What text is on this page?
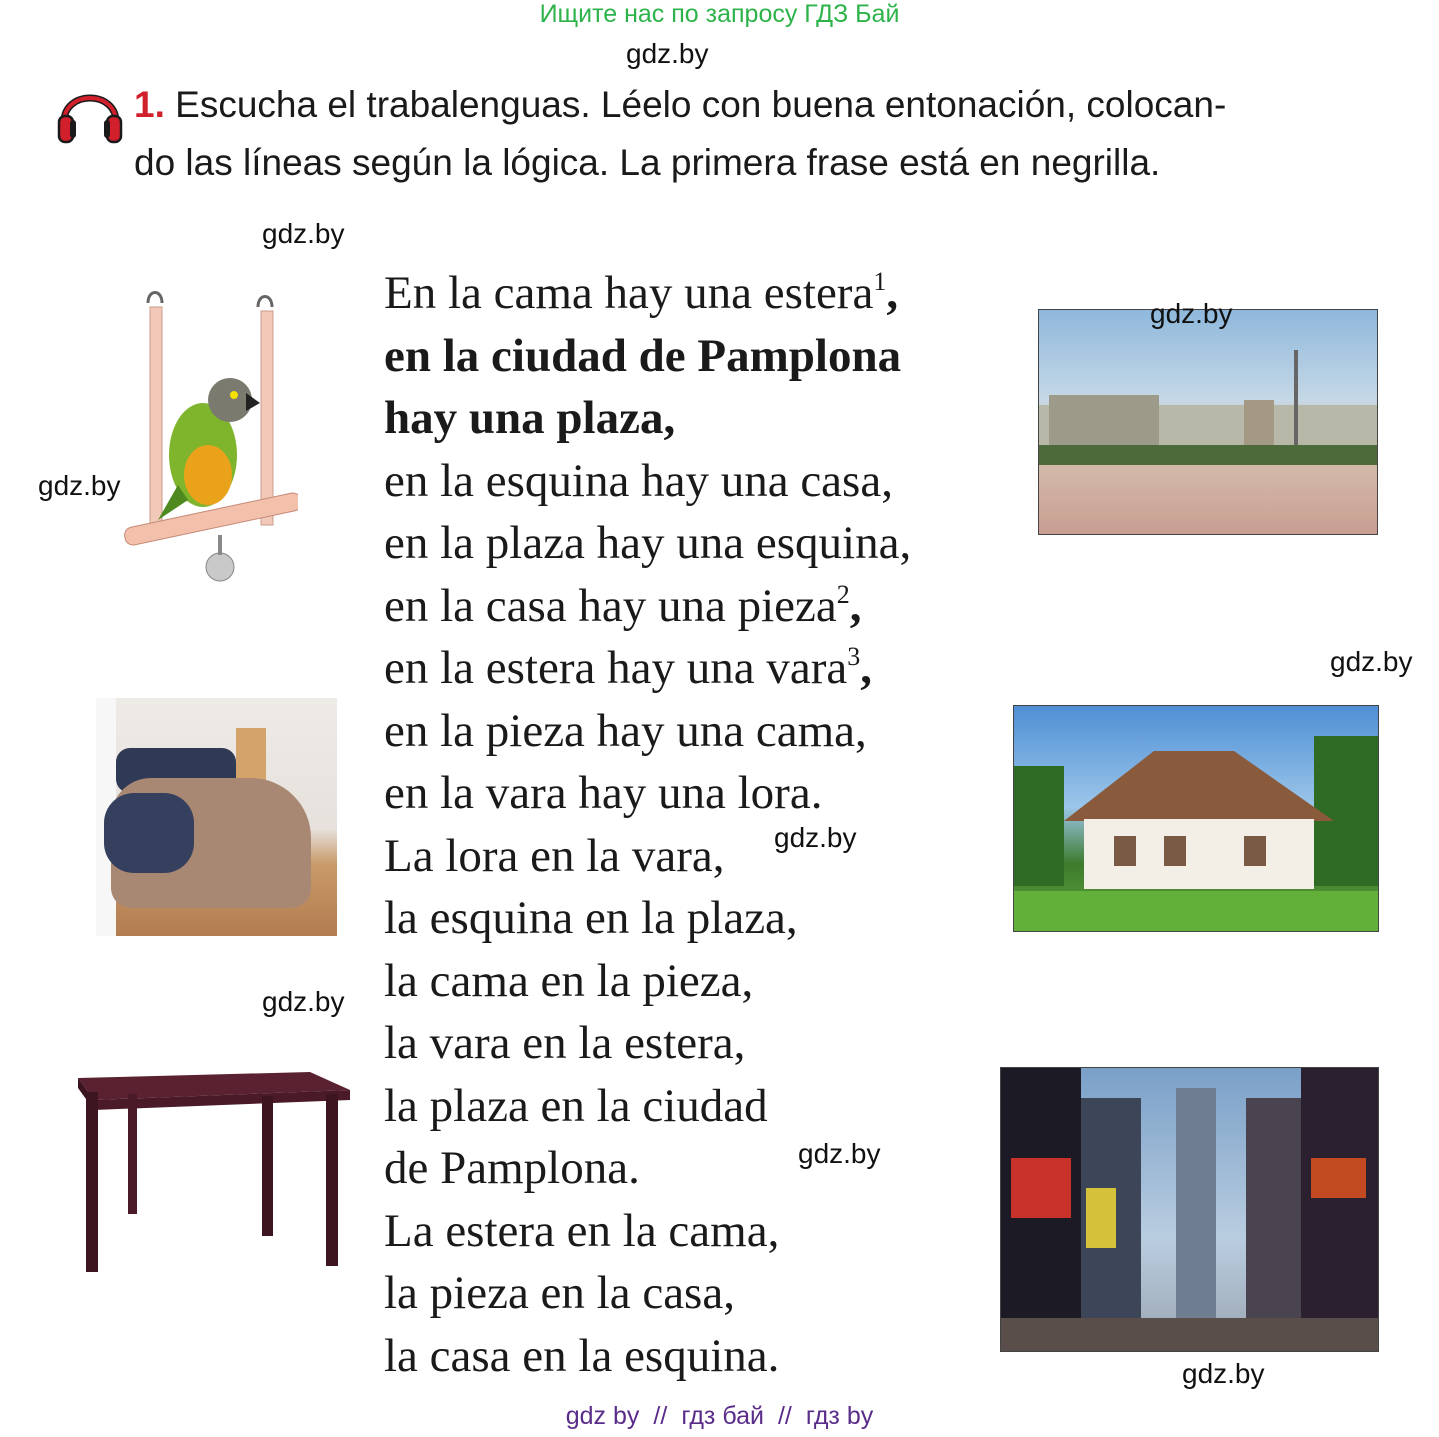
Ищите нас по запросу ГДЗ Бай
gdz.by
1. Escucha el trabalenguas. Léelo con buena entonación, colocan-
do las líneas según la lógica. La primera frase está en negrilla.
En la cama hay una estera$^1$,
en la ciudad de Pamplona
hay una plaza,
en la esquina hay una casa,
en la plaza hay una esquina,
en la casa hay una pieza$^2$,
en la estera hay una vara$^3$,
en la pieza hay una cama,
en la vara hay una lora.
La lora en la vara,
la esquina en la plaza,
la cama en la pieza,
la vara en la estera,
la plaza en la ciudad
de Pamplona.
La estera en la cama,
la pieza en la casa,
la casa en la esquina.
gdz.by
gdz.by
gdz.by
gdz.by
gdz.by
gdz.by
gdz.by
gdz.by
gdz by // гдз бай // гдз by
